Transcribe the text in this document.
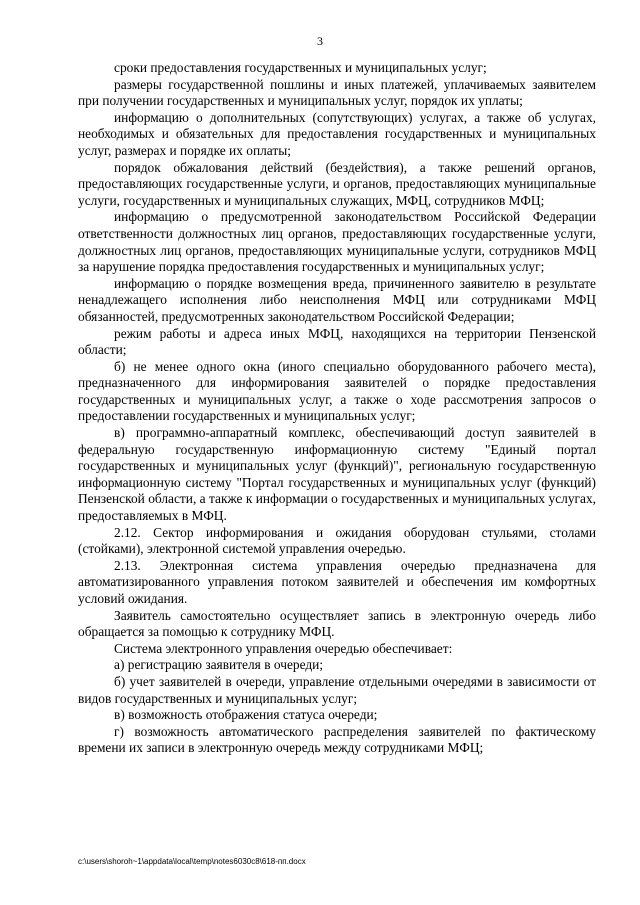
3

сроки предоставления государственных и муниципальных услуг;

размеры государственной пошлины и иных платежей, уплачиваемых заявителем при получении государственных и муниципальных услуг, порядок их уплаты;

информацию о дополнительных (сопутствующих) услугах, а также об услугах, необходимых и обязательных для предоставления государственных и муниципальных услуг, размерах и порядке их оплаты;

порядок обжалования действий (бездействия), а также решений органов, предоставляющих государственные услуги, и органов, предоставляющих муниципальные услуги, государственных и муниципальных служащих, МФЦ, сотрудников МФЦ;

информацию о предусмотренной законодательством Российской Федерации ответственности должностных лиц органов, предоставляющих государственные услуги, должностных лиц органов, предоставляющих муниципальные услуги, сотрудников МФЦ за нарушение порядка предоставления государственных и муниципальных услуг;

информацию о порядке возмещения вреда, причиненного заявителю в результате ненадлежащего исполнения либо неисполнения МФЦ или сотрудниками МФЦ обязанностей, предусмотренных законодательством Российской Федерации;

режим работы и адреса иных МФЦ, находящихся на территории Пензенской области;

б) не менее одного окна (иного специально оборудованного рабочего места), предназначенного для информирования заявителей о порядке предоставления государственных и муниципальных услуг, а также о ходе рассмотрения запросов о предоставлении государственных и муниципальных услуг;

в) программно-аппаратный комплекс, обеспечивающий доступ заявителей в федеральную государственную информационную систему "Единый портал государственных и муниципальных услуг (функций)", региональную государственную информационную систему "Портал государственных и муниципальных услуг (функций) Пензенской области, а также к информации о государственных и муниципальных услугах, предоставляемых в МФЦ.

2.12. Сектор информирования и ожидания оборудован стульями, столами (стойками), электронной системой управления очередью.

2.13. Электронная система управления очередью предназначена для автоматизированного управления потоком заявителей и обеспечения им комфортных условий ожидания.

Заявитель самостоятельно осуществляет запись в электронную очередь либо обращается за помощью к сотруднику МФЦ.

Система электронного управления очередью обеспечивает:

а) регистрацию заявителя в очереди;

б) учет заявителей в очереди, управление отдельными очередями в зависимости от видов государственных и муниципальных услуг;

в) возможность отображения статуса очереди;

г) возможность автоматического распределения заявителей по фактическому времени их записи в электронную очередь между сотрудниками МФЦ;

c:\users\shoroh~1\appdata\local\temp\notes6030c8\618-пп.docx
